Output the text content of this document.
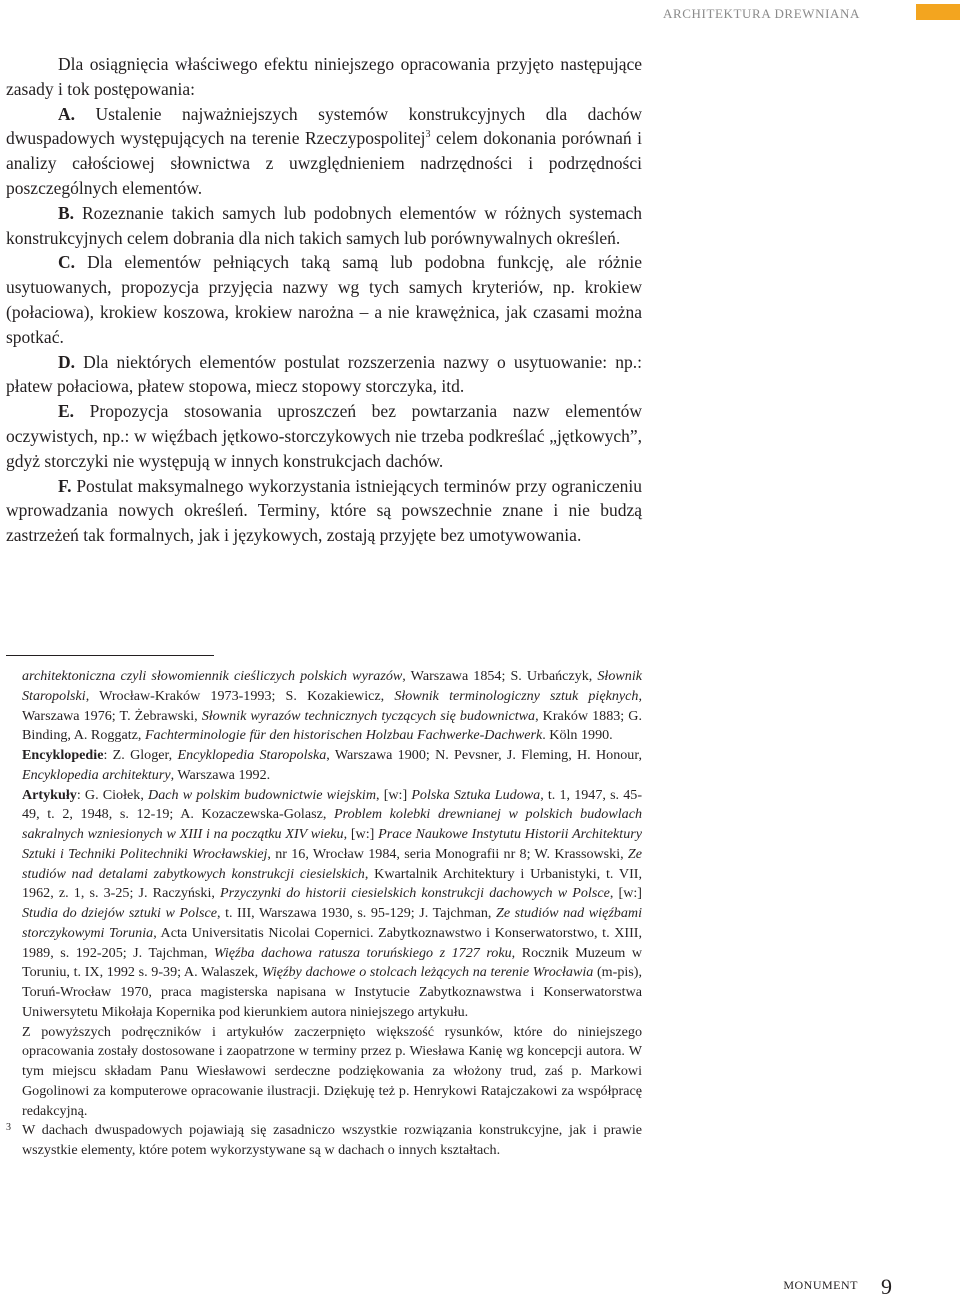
ARCHITEKTURA DREWNIANA

Dla osiągnięcia właściwego efektu niniejszego opracowania przyjęto następujące zasady i tok postępowania:

A. Ustalenie najważniejszych systemów konstrukcyjnych dla dachów dwuspadowych występujących na terenie Rzeczypospolitej$^3$ celem dokonania porównań i analizy całościowej słownictwa z uwzględnieniem nadrzędności i podrzędności poszczególnych elementów.

B. Rozeznanie takich samych lub podobnych elementów w różnych systemach konstrukcyjnych celem dobrania dla nich takich samych lub porównywalnych określeń.

C. Dla elementów pełniących taką samą lub podobna funkcję, ale różnie usytuowanych, propozycja przyjęcia nazwy wg tych samych kryteriów, np. krokiew (połaciowa), krokiew koszowa, krokiew narożna – a nie krawężnica, jak czasami można spotkać.

D. Dla niektórych elementów postulat rozszerzenia nazwy o usytuowanie: np.: płatew połaciowa, płatew stopowa, miecz stopowy storczyka, itd.

E. Propozycja stosowania uproszczeń bez powtarzania nazw elementów oczywistych, np.: w więźbach jętkowo-storczykowych nie trzeba podkreślać „jętkowych”, gdyż storczyki nie występują w innych konstrukcjach dachów.

F. Postulat maksymalnego wykorzystania istniejących terminów przy ograniczeniu wprowadzania nowych określeń. Terminy, które są powszechnie znane i nie budzą zastrzeżeń tak formalnych, jak i językowych, zostają przyjęte bez umotywowania.

architektoniczna czyli słowomiennik cieśliczych polskich wyrazów, Warszawa 1854; S. Urbańczyk, Słownik Staropolski, Wrocław-Kraków 1973-1993; S. Kozakiewicz, Słownik terminologiczny sztuk pięknych, Warszawa 1976; T. Żebrawski, Słownik wyrazów technicznych tyczących się budownictwa, Kraków 1883; G. Binding, A. Roggatz, Fachterminologie für den historischen Holzbau Fachwerke-Dachwerk. Köln 1990.

Encyklopedie: Z. Gloger, Encyklopedia Staropolska, Warszawa 1900; N. Pevsner, J. Fleming, H. Honour, Encyklopedia architektury, Warszawa 1992.

Artykuły: G. Ciołek, Dach w polskim budownictwie wiejskim, [w:] Polska Sztuka Ludowa, t. 1, 1947, s. 45-49, t. 2, 1948, s. 12-19; A. Kozaczewska-Golasz, Problem kolebki drewnianej w polskich budowlach sakralnych wzniesionych w XIII i na początku XIV wieku, [w:] Prace Naukowe Instytutu Historii Architektury Sztuki i Techniki Politechniki Wrocławskiej, nr 16, Wrocław 1984, seria Monografii nr 8; W. Krassowski, Ze studiów nad detalami zabytkowych konstrukcji ciesielskich, Kwartalnik Architektury i Urbanistyki, t. VII, 1962, z. 1, s. 3-25; J. Raczyński, Przyczynki do historii ciesielskich konstrukcji dachowych w Polsce, [w:] Studia do dziejów sztuki w Polsce, t. III, Warszawa 1930, s. 95-129; J. Tajchman, Ze studiów nad więźbami storczykowymi Torunia, Acta Universitatis Nicolai Copernici. Zabytkoznawstwo i Konserwatorstwo, t. XIII, 1989, s. 192-205; J. Tajchman, Więźba dachowa ratusza toruńskiego z 1727 roku, Rocznik Muzeum w Toruniu, t. IX, 1992 s. 9-39; A. Walaszek, Więźby dachowe o stolcach leżących na terenie Wrocławia (m-pis), Toruń-Wrocław 1970, praca magisterska napisana w Instytucie Zabytkoznawstwa i Konserwatorstwa Uniwersytetu Mikołaja Kopernika pod kierunkiem autora niniejszego artykułu.

Z powyższych podręczników i artykułów zaczerpnięto większość rysunków, które do niniejszego opracowania zostały dostosowane i zaopatrzone w terminy przez p. Wiesława Kanię wg koncepcji autora. W tym miejscu składam Panu Wiesławowi serdeczne podziękowania za włożony trud, zaś p. Markowi Gogolinowi za komputerowe opracowanie ilustracji. Dziękuję też p. Henrykowi Ratajczakowi za współpracę redakcyjną.

3 W dachach dwuspadowych pojawiają się zasadniczo wszystkie rozwiązania konstrukcyjne, jak i prawie wszystkie elementy, które potem wykorzystywane są w dachach o innych kształtach.

MONUMENT 9
